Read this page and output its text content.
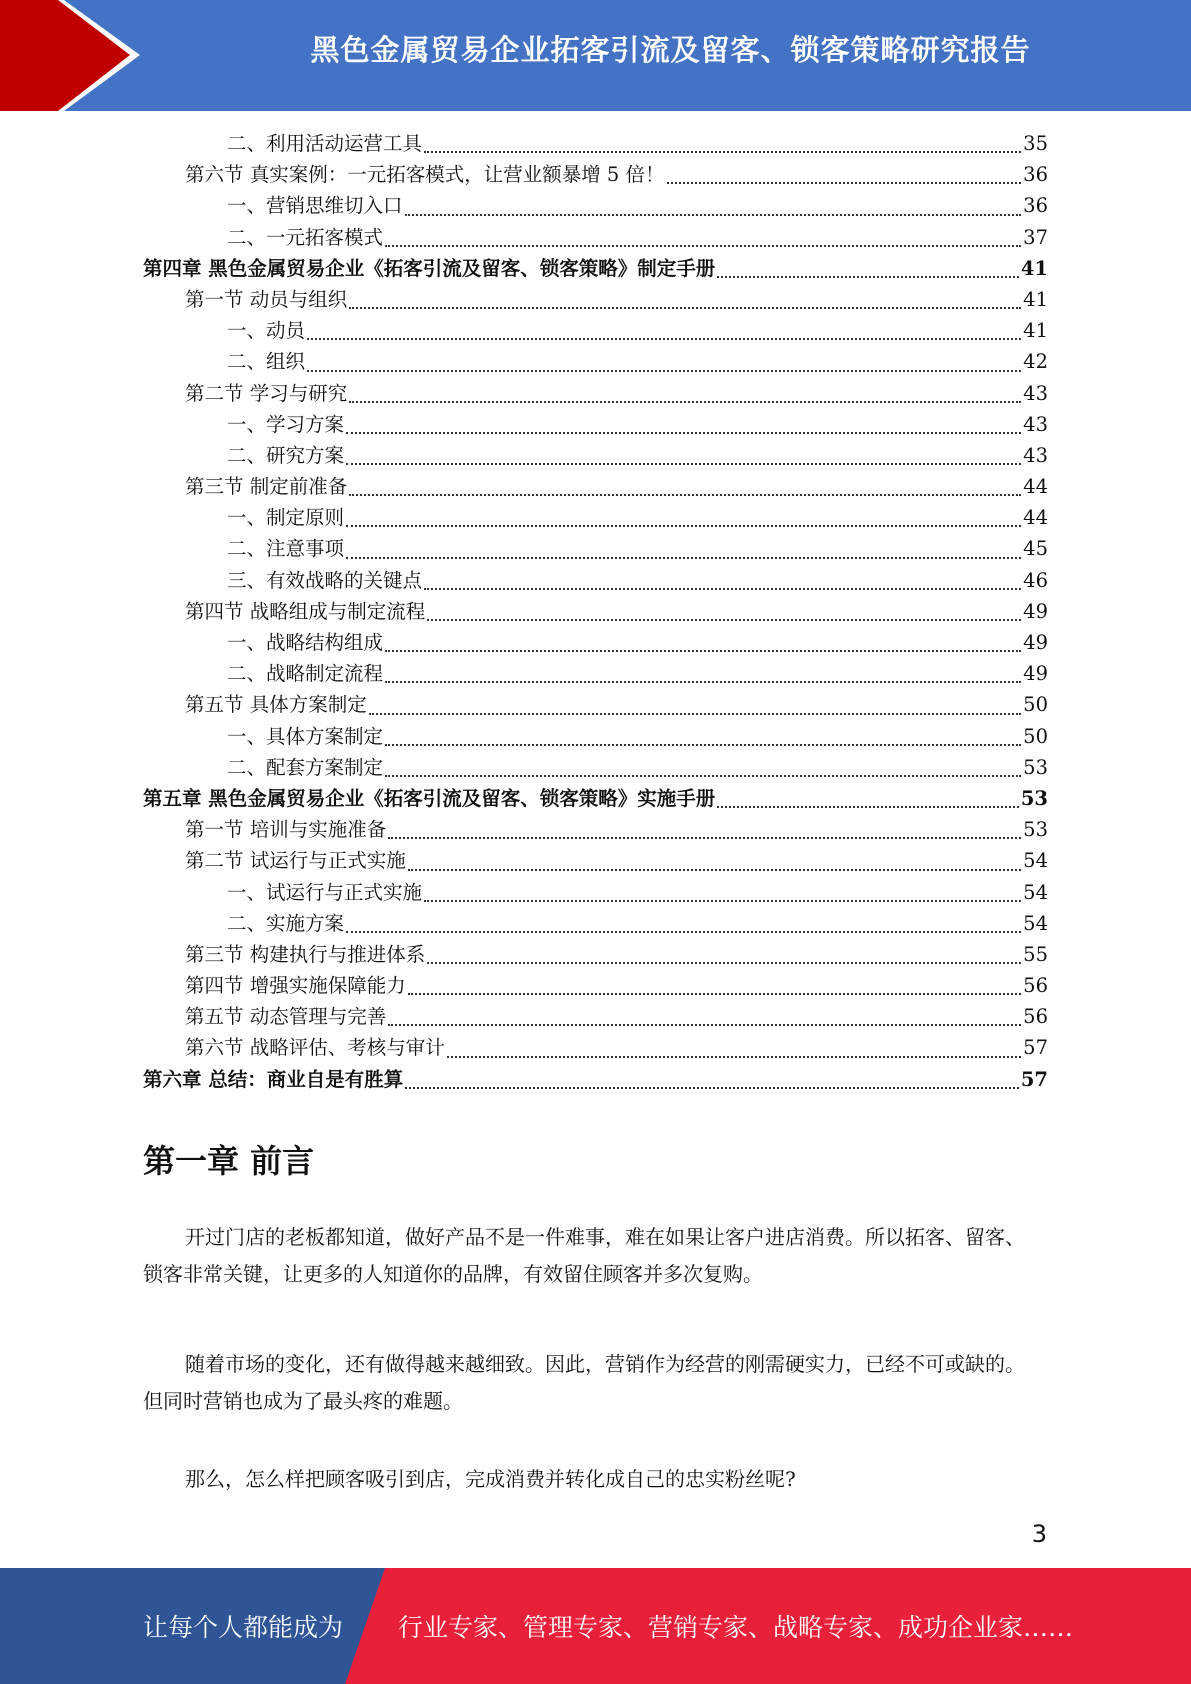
黑色金属贸易企业拓客引流及留客、锁客策略研究报告
二、利用活动运营工具	35
第六节 真实案例：一元拓客模式，让营业额暴增 5 倍！	36
一、营销思维切入口	36
二、一元拓客模式	37
第四章 黑色金属贸易企业《拓客引流及留客、锁客策略》制定手册	41
第一节 动员与组织	41
一、动员	41
二、组织	42
第二节 学习与研究	43
一、学习方案	43
二、研究方案	43
第三节 制定前准备	44
一、制定原则	44
二、注意事项	45
三、有效战略的关键点	46
第四节 战略组成与制定流程	49
一、战略结构组成	49
二、战略制定流程	49
第五节 具体方案制定	50
一、具体方案制定	50
二、配套方案制定	53
第五章 黑色金属贸易企业《拓客引流及留客、锁客策略》实施手册	53
第一节 培训与实施准备	53
第二节 试运行与正式实施	54
一、试运行与正式实施	54
二、实施方案	54
第三节 构建执行与推进体系	55
第四节 增强实施保障能力	56
第五节 动态管理与完善	56
第六节 战略评估、考核与审计	57
第六章 总结：商业自是有胜算	57
第一章 前言

开过门店的老板都知道，做好产品不是一件难事，难在如果让客户进店消费。所以拓客、留客、锁客非常关键，让更多的人知道你的品牌，有效留住顾客并多次复购。

随着市场的变化，还有做得越来越细致。因此，营销作为经营的刚需硬实力，已经不可或缺的。但同时营销也成为了最头疼的难题。

那么，怎么样把顾客吸引到店，完成消费并转化成自己的忠实粉丝呢?

3
让每个人都能成为 行业专家、管理专家、营销专家、战略专家、成功企业家……
